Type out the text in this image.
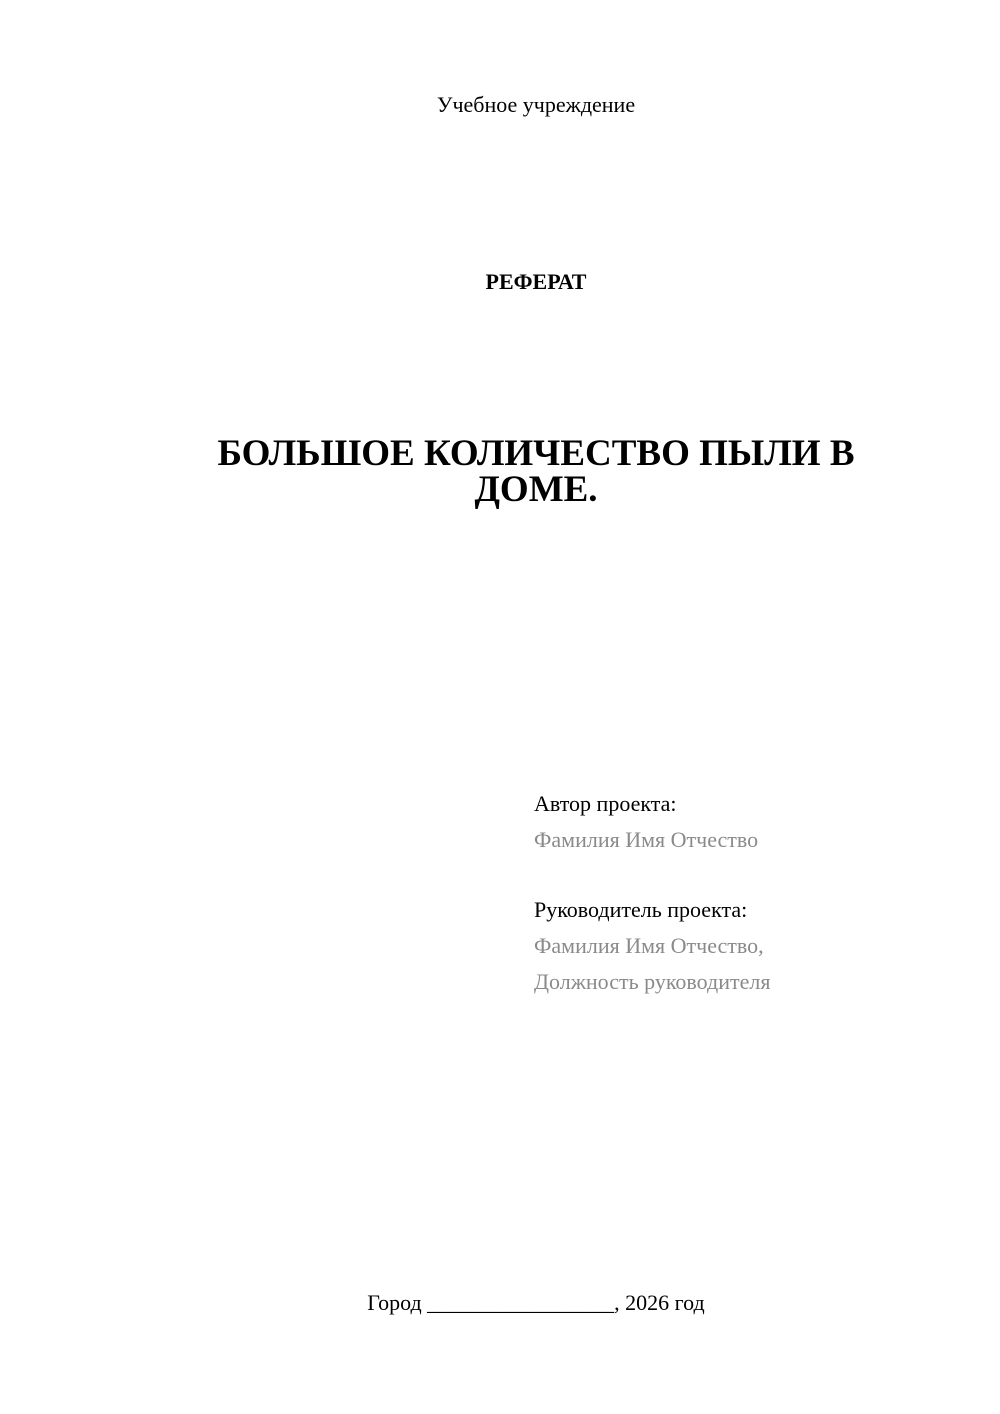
Учебное учреждение
РЕФЕРАТ
БОЛЬШОЕ КОЛИЧЕСТВО ПЫЛИ В
ДОМЕ.
Автор проекта:
Фамилия Имя Отчество
Руководитель проекта:
Фамилия Имя Отчество,
Должность руководителя
Город _________________, 2026 год
